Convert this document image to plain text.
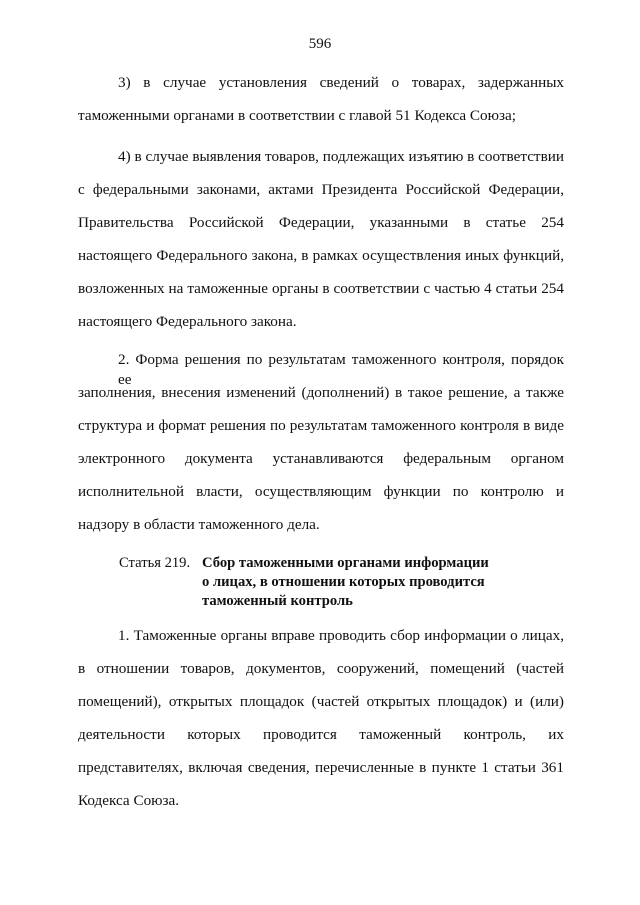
596
3) в случае установления сведений о товарах, задержанных
таможенными органами в соответствии с главой 51 Кодекса Союза;
4) в случае выявления товаров, подлежащих изъятию в соответствии
с федеральными законами, актами Президента Российской Федерации,
Правительства Российской Федерации, указанными в статье 254
настоящего Федерального закона, в рамках осуществления иных функций,
возложенных на таможенные органы в соответствии с частью 4 статьи 254
настоящего Федерального закона.
2. Форма решения по результатам таможенного контроля, порядок ее
заполнения, внесения изменений (дополнений) в такое решение, а также
структура и формат решения по результатам таможенного контроля в виде
электронного документа устанавливаются федеральным органом
исполнительной власти, осуществляющим функции по контролю и
надзору в области таможенного дела.
Статья 219. Сбор таможенными органами информации
о лицах, в отношении которых проводится
таможенный контроль
1. Таможенные органы вправе проводить сбор информации о лицах,
в отношении товаров, документов, сооружений, помещений (частей
помещений), открытых площадок (частей открытых площадок) и (или)
деятельности которых проводится таможенный контроль, их
представителях, включая сведения, перечисленные в пункте 1 статьи 361
Кодекса Союза.
